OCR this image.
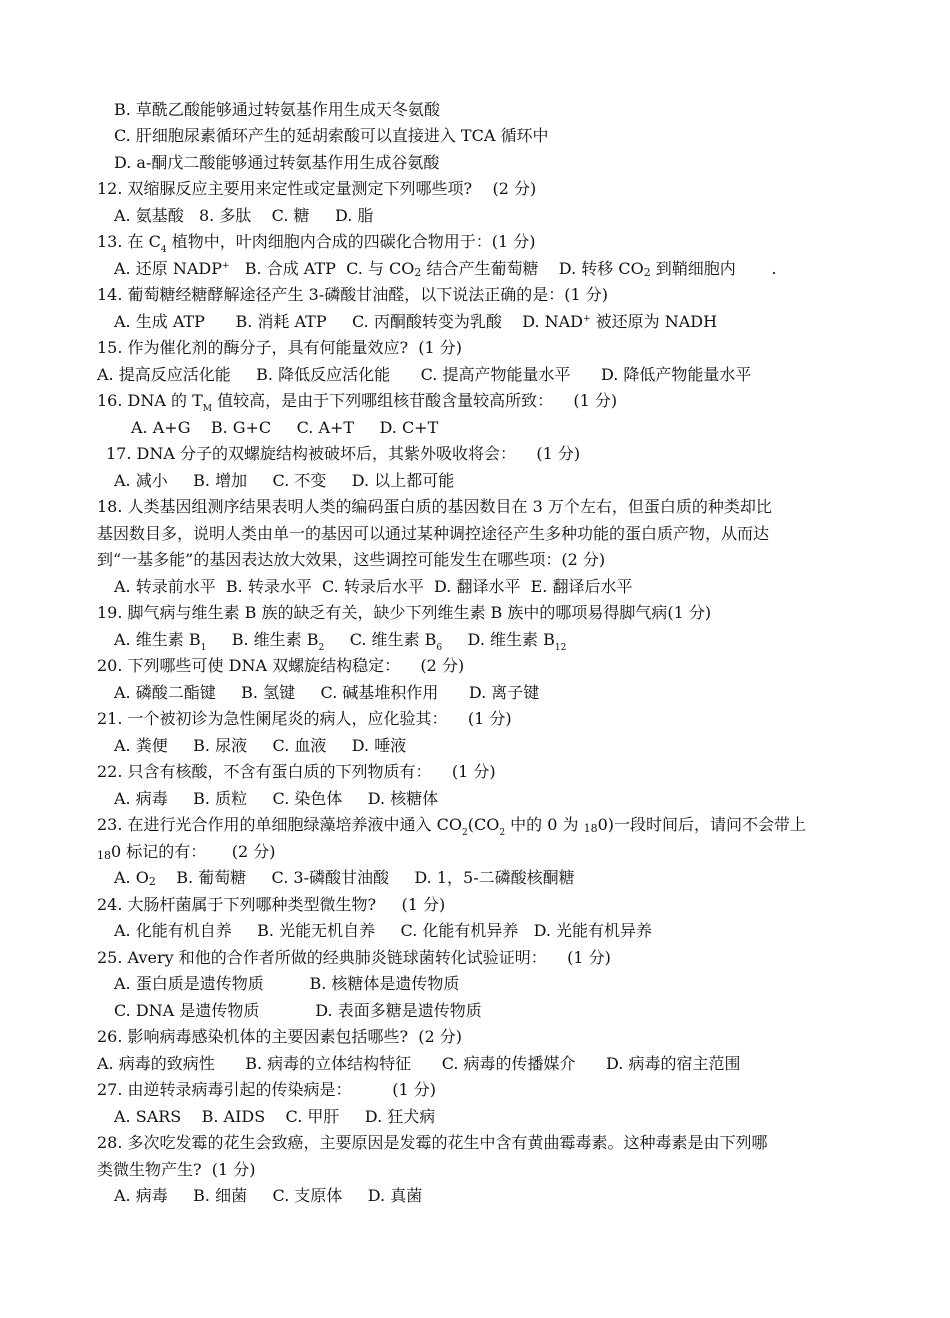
B. 草酰乙酸能够通过转氨基作用生成天冬氨酸
C. 肝细胞尿素循环产生的延胡索酸可以直接进入 TCA 循环中
D. a-酮戊二酸能够通过转氨基作用生成谷氨酸
12. 双缩脲反应主要用来定性或定量测定下列哪些项?    (2 分)
A. 氨基酸   8. 多肽    C. 糖     D. 脂
13. 在 $C_4$ 植物中，叶肉细胞内合成的四碳化合物用于：(1 分)
A. 还原 NADP+   B. 合成 ATP  C. 与 CO2 结合产生葡萄糖    D. 转移 CO2 到鞘细胞内       .
14. 葡萄糖经糖酵解途径产生 3-磷酸甘油醛，以下说法正确的是：(1 分)
A. 生成 ATP      B. 消耗 ATP     C. 丙酮酸转变为乳酸    D. NAD+ 被还原为 NADH
15. 作为催化剂的酶分子，具有何能量效应?  (1 分)
A. 提高反应活化能     B. 降低反应活化能      C. 提高产物能量水平      D. 降低产物能量水平
16. DNA 的 $T_M$ 值较高，是由于下列哪组核苷酸含量较高所致：    (1 分)
A. A+G    B. G+C     C. A+T     D. C+T
17. DNA 分子的双螺旋结构被破坏后，其紫外吸收将会：    (1 分)
A. 减小     B. 增加     C. 不变     D. 以上都可能
18. 人类基因组测序结果表明人类的编码蛋白质的基因数目在 3 万个左右，但蛋白质的种类却比
基因数目多，说明人类由单一的基因可以通过某种调控途径产生多种功能的蛋白质产物，从而达
到“一基多能”的基因表达放大效果，这些调控可能发生在哪些项：(2 分)
A. 转录前水平  B. 转录水平  C. 转录后水平  D. 翻译水平  E. 翻译后水平
19. 脚气病与维生素 B 族的缺乏有关，缺少下列维生素 B 族中的哪项易得脚气病(1 分)
A. 维生素 $B_1$     B. 维生素 $B_2$     C. 维生素 $B_6$     D. 维生素 $B_{12}$
20. 下列哪些可使 DNA 双螺旋结构稳定：    (2 分)
A. 磷酸二酯键     B. 氢键     C. 碱基堆积作用      D. 离子键
21. 一个被初诊为急性阑尾炎的病人，应化验其：    (1 分)
A. 粪便     B. 尿液     C. 血液     D. 唾液
22. 只含有核酸，不含有蛋白质的下列物质有：    (1 分)
A. 病毒     B. 质粒     C. 染色体     D. 核糖体
23. 在进行光合作用的单细胞绿藻培养液中通入 $CO_2(CO_2$ 中的 0 为 180)一段时间后，请问不会带上
180 标记的有：     (2 分)
A. O2    B. 葡萄糖     C. 3-磷酸甘油酸     D. 1，5-二磷酸核酮糖
24. 大肠杆菌属于下列哪种类型微生物?     (1 分)
A. 化能有机自养     B. 光能无机自养     C. 化能有机异养   D. 光能有机异养
25. Avery 和他的合作者所做的经典肺炎链球菌转化试验证明：    (1 分)
A. 蛋白质是遗传物质         B. 核糖体是遗传物质
C. DNA 是遗传物质           D. 表面多糖是遗传物质
26. 影响病毒感染机体的主要因素包括哪些?  (2 分)
A. 病毒的致病性      B. 病毒的立体结构特征      C. 病毒的传播媒介      D. 病毒的宿主范围
27. 由逆转录病毒引起的传染病是：        (1 分)
A. SARS    B. AIDS    C. 甲肝     D. 狂犬病
28. 多次吃发霉的花生会致癌，主要原因是发霉的花生中含有黄曲霉毒素。这种毒素是由下列哪
类微生物产生?  (1 分)
A. 病毒     B. 细菌     C. 支原体     D. 真菌
